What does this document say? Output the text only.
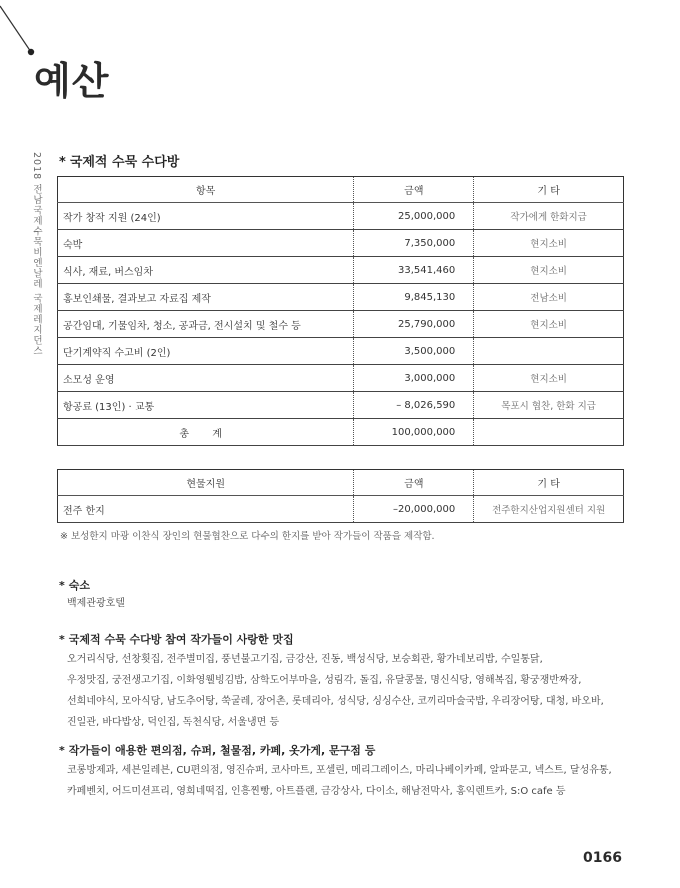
예산
2018 전남국제수묵비엔날레 국제레지던스 * 국제적 수묵 수다방
항목	금액	기 타
작가 창작 지원 (24인)	25,000,000	작가에게 한화지급
숙박	7,350,000	현지소비
식사, 재료, 버스임차	33,541,460	현지소비
홍보인쇄물, 결과보고 자료집 제작	9,845,130	전남소비
공간임대, 기물임차, 청소, 공과금, 전시설치 및 철수 등	25,790,000	현지소비
단기계약직 수고비 (2인)	3,500,000	
소모성 운영	3,000,000	현지소비
항공료 (13인) · 교통	– 8,026,590	목포시 협찬, 한화 지급
총 계	100,000,000	
현물지원	금액	기 타
전주 한지	–20,000,000	전주한지산업지원센터 지원
※ 보성한지 마광 이찬식 장인의 현물협찬으로 다수의 한지를 받아 작가들이 작품을 제작함.
* 숙소
백제관광호텔
* 국제적 수묵 수다방 참여 작가들이 사랑한 맛집
오거리식당, 선창횟집, 전주별미집, 풍년불고기집, 금강산, 진동, 백성식당, 보승회관, 황가네보리밥, 수일통닭,
우정맛집, 궁전생고기집, 이화영웰빙김밥, 삼학도어부마을, 성림각, 돌집, 유달콩물, 명신식당, 영해복집, 황궁쟁반짜장,
선희네야식, 모아식당, 남도추어탕, 쑥굴레, 장어촌, 롯데리아, 성식당, 싱싱수산, 코끼리마술국밥, 우리장어탕, 대청, 바오바,
진일관, 바다밥상, 덕인집, 독천식당, 서울냉면 등
* 작가들이 애용한 편의점, 슈퍼, 철물점, 카페, 옷가게, 문구점 등
코롱방제과, 세븐일레븐, CU편의점, 영진슈퍼, 코사마트, 포셀린, 메리그레이스, 마리나베이카페, 알파문고, 넥스트, 달성유통,
카페벤치, 어드미션프리, 영희네떡집, 인흥찐빵, 아트플랜, 금강상사, 다이소, 해남전막사, 홍익렌트카, S:O cafe 등
0166
